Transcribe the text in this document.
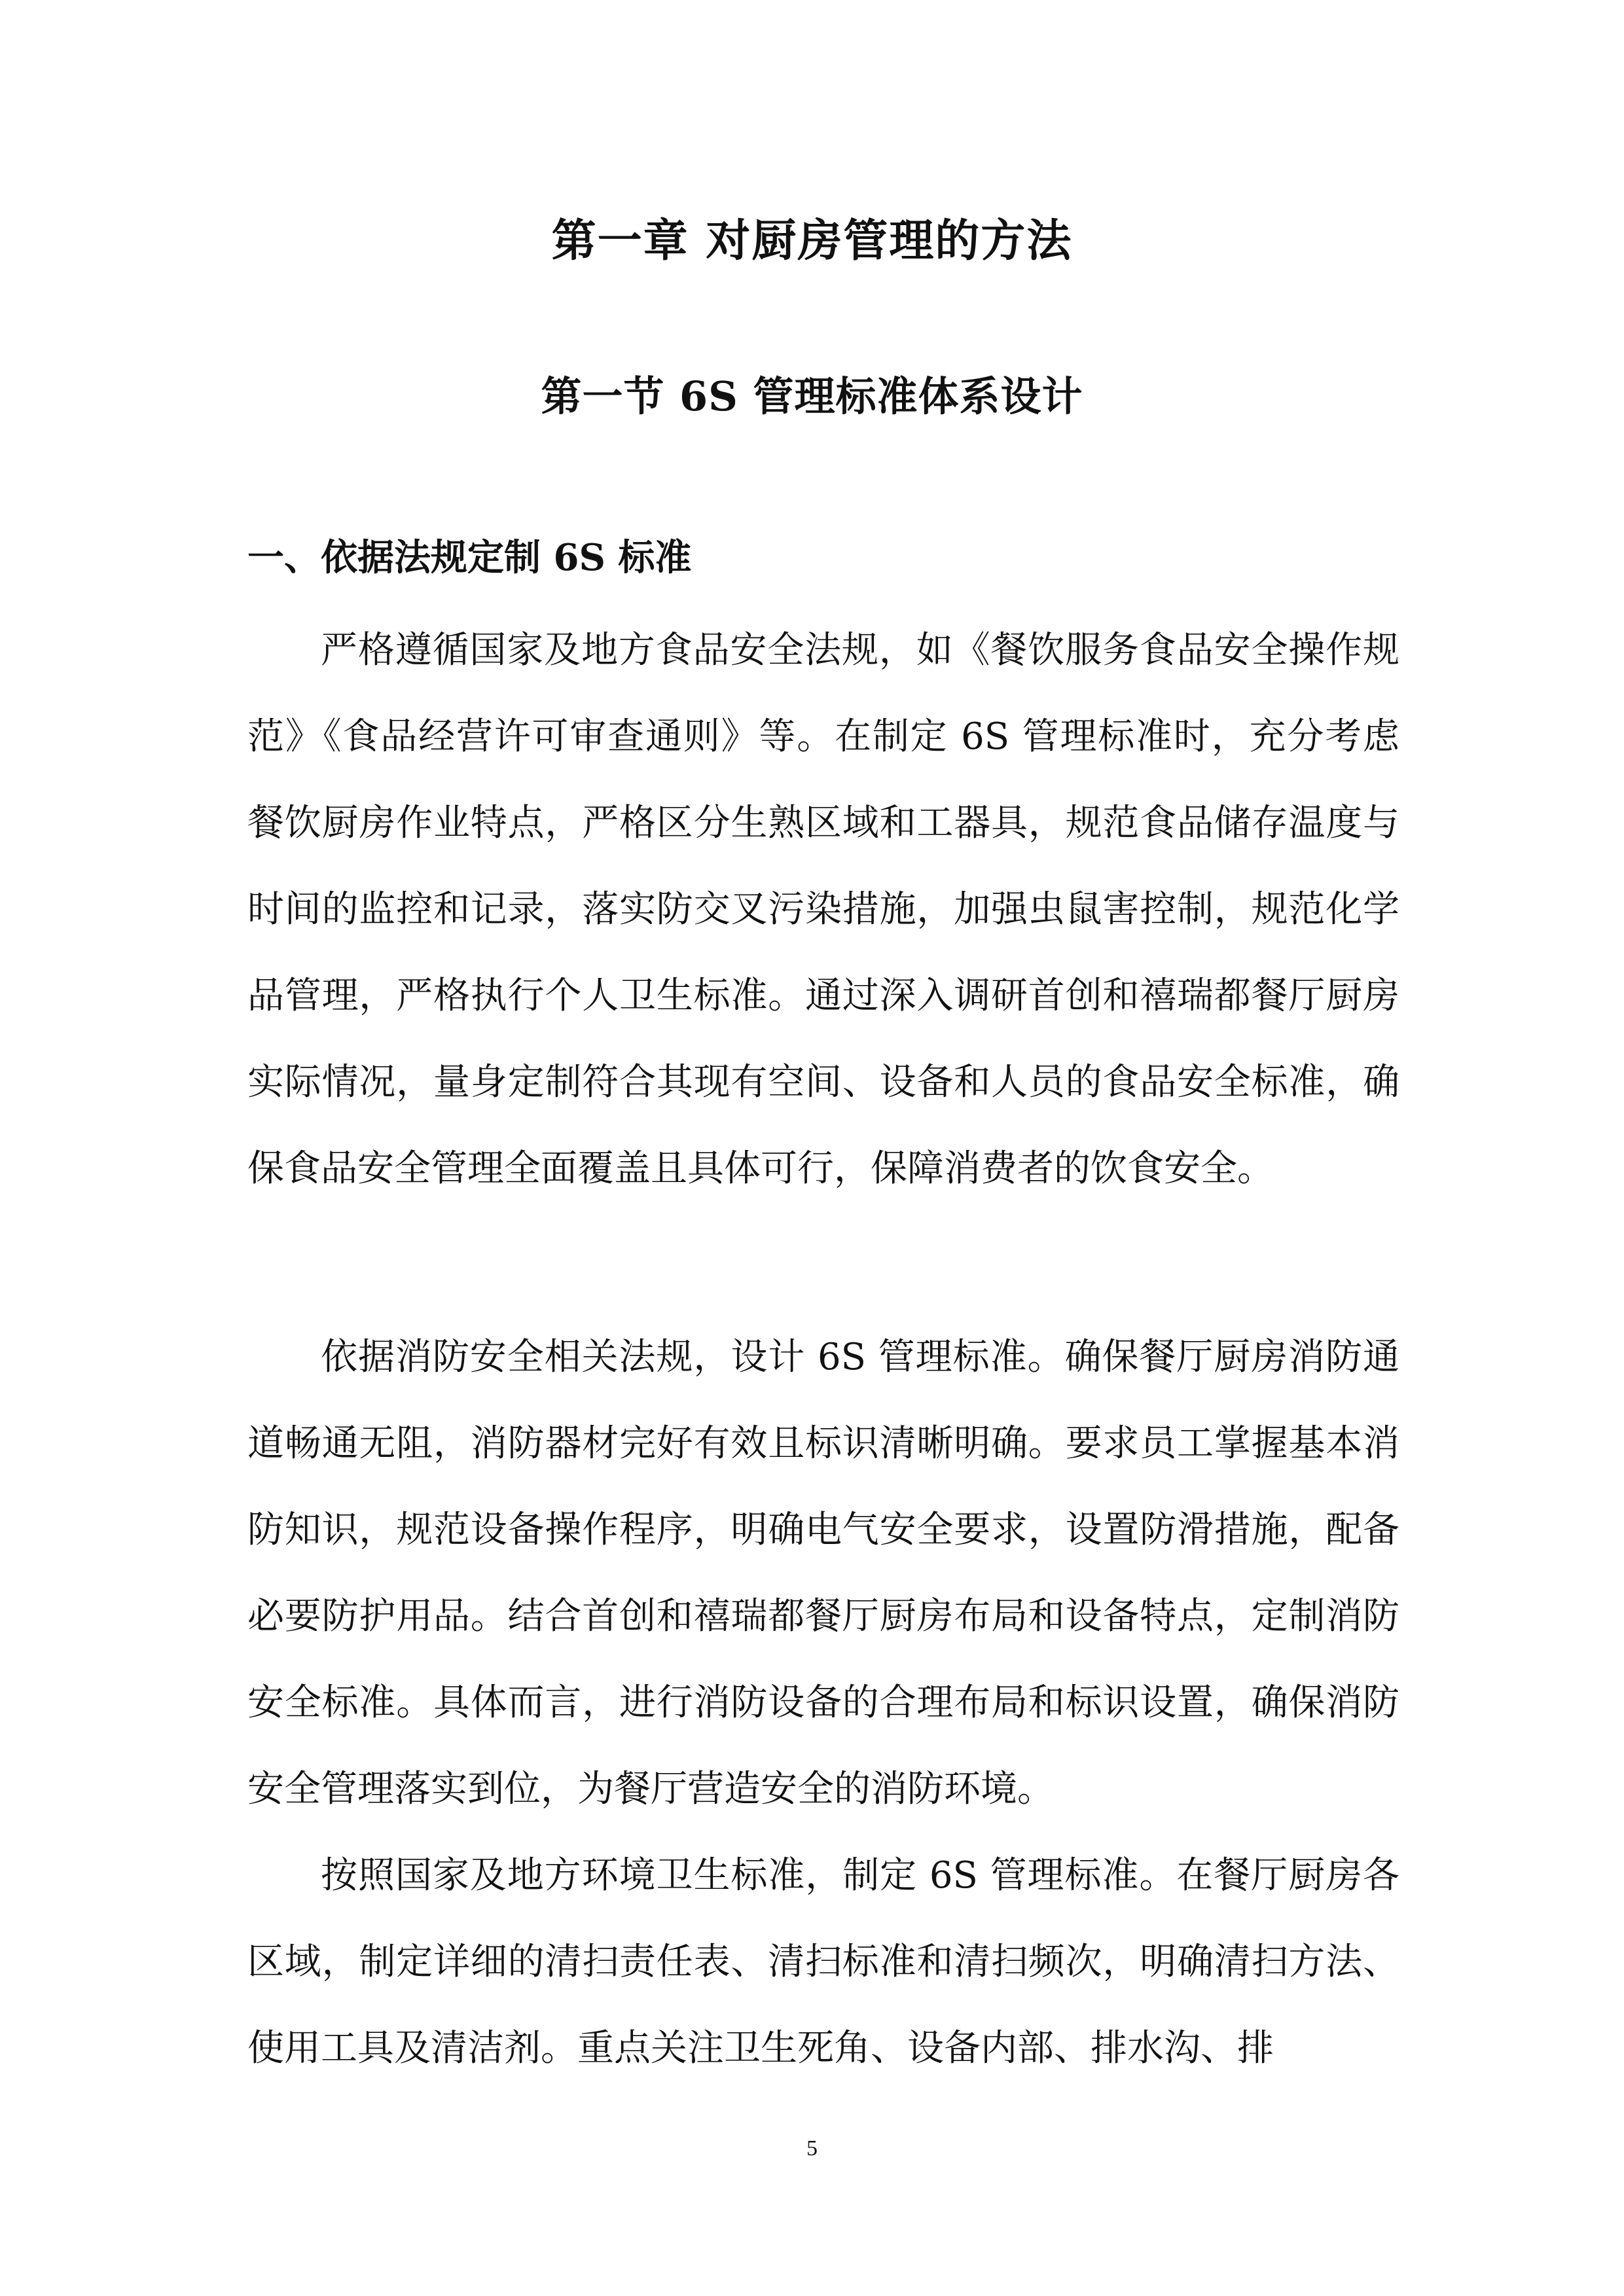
第一章 对厨房管理的方法
第一节 6S 管理标准体系设计
一、依据法规定制 6S 标准

严格遵循国家及地方食品安全法规，如《餐饮服务食品安全操作规范》《食品经营许可审查通则》等。在制定 6S 管理标准时，充分考虑餐饮厨房作业特点，严格区分生熟区域和工器具，规范食品储存温度与时间的监控和记录，落实防交叉污染措施，加强虫鼠害控制，规范化学品管理，严格执行个人卫生标准。通过深入调研首创和禧瑞都餐厅厨房实际情况，量身定制符合其现有空间、设备和人员的食品安全标准，确保食品安全管理全面覆盖且具体可行，保障消费者的饮食安全。

依据消防安全相关法规，设计 6S 管理标准。确保餐厅厨房消防通道畅通无阻，消防器材完好有效且标识清晰明确。要求员工掌握基本消防知识，规范设备操作程序，明确电气安全要求，设置防滑措施，配备必要防护用品。结合首创和禧瑞都餐厅厨房布局和设备特点，定制消防安全标准。具体而言，进行消防设备的合理布局和标识设置，确保消防安全管理落实到位，为餐厅营造安全的消防环境。

按照国家及地方环境卫生标准，制定 6S 管理标准。在餐厅厨房各区域，制定详细的清扫责任表、清扫标准和清扫频次，明确清扫方法、使用工具及清洁剂。重点关注卫生死角、设备内部、排水沟、排

5
